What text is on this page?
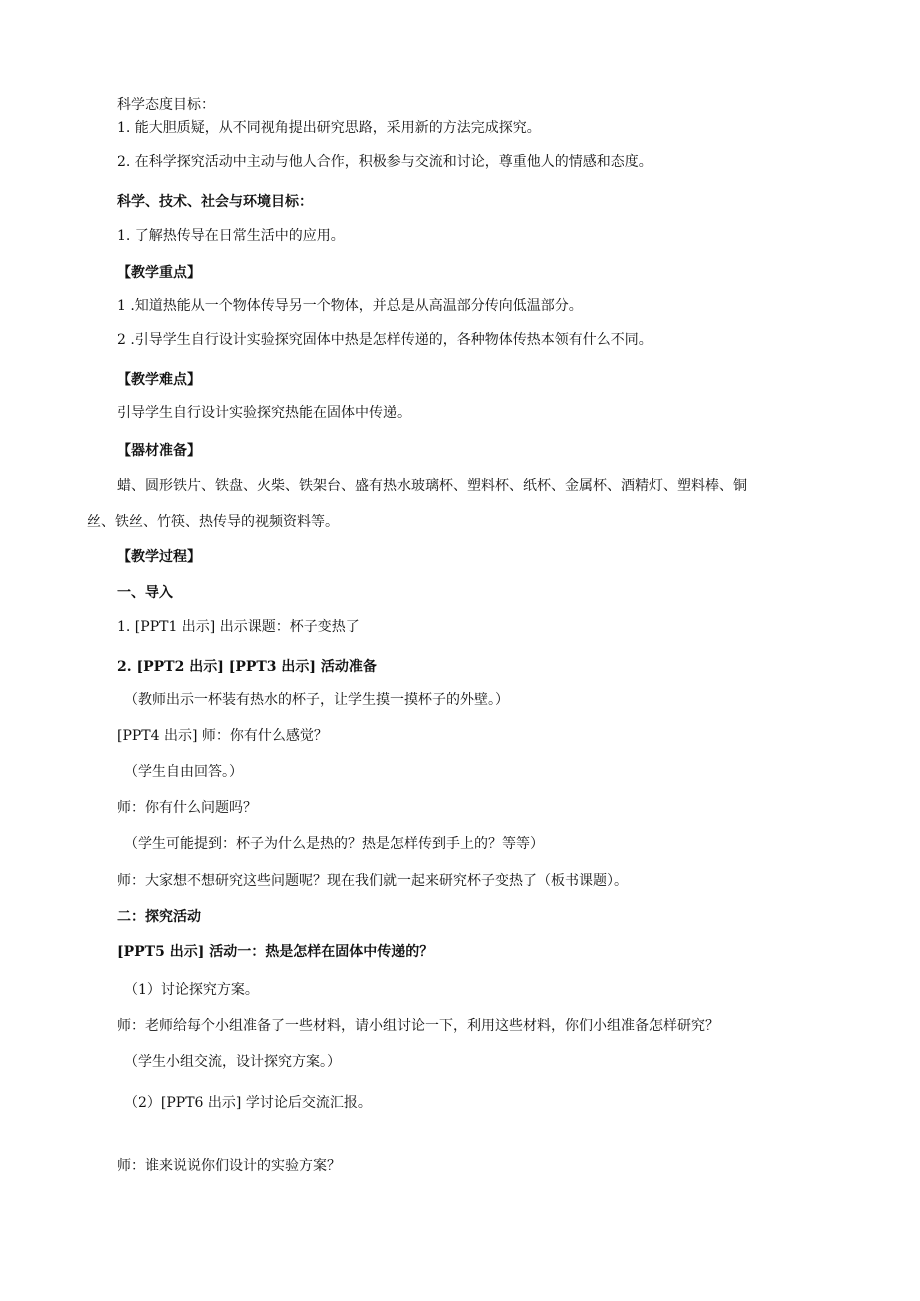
科学态度目标：
1. 能大胆质疑，从不同视角提出研究思路，采用新的方法完成探究。
2. 在科学探究活动中主动与他人合作，积极参与交流和讨论，尊重他人的情感和态度。
科学、技术、社会与环境目标：
1. 了解热传导在日常生活中的应用。
【教学重点】
1 .知道热能从一个物体传导另一个物体，并总是从高温部分传向低温部分。
2 .引导学生自行设计实验探究固体中热是怎样传递的，各种物体传热本领有什么不同。
【教学难点】
引导学生自行设计实验探究热能在固体中传递。
【器材准备】
蜡、圆形铁片、铁盘、火柴、铁架台、盛有热水玻璃杯、塑料杯、纸杯、金属杯、酒精灯、塑料棒、铜
丝、铁丝、竹筷、热传导的视频资料等。
【教学过程】
一、导入
1. [PPT1 出示] 出示课题：杯子变热了
2. [PPT2 出示] [PPT3 出示] 活动准备
（教师出示一杯装有热水的杯子，让学生摸一摸杯子的外壁。）
[PPT4 出示] 师：你有什么感觉？
（学生自由回答。）
师：你有什么问题吗？
（学生可能提到：杯子为什么是热的？热是怎样传到手上的？等等）
师：大家想不想研究这些问题呢？现在我们就一起来研究杯子变热了（板书课题）。
二：探究活动
[PPT5 出示] 活动一：热是怎样在固体中传递的？
（1）讨论探究方案。
师：老师给每个小组准备了一些材料，请小组讨论一下，利用这些材料，你们小组准备怎样研究？
（学生小组交流，设计探究方案。）
（2）[PPT6 出示] 学讨论后交流汇报。
师：谁来说说你们设计的实验方案？
